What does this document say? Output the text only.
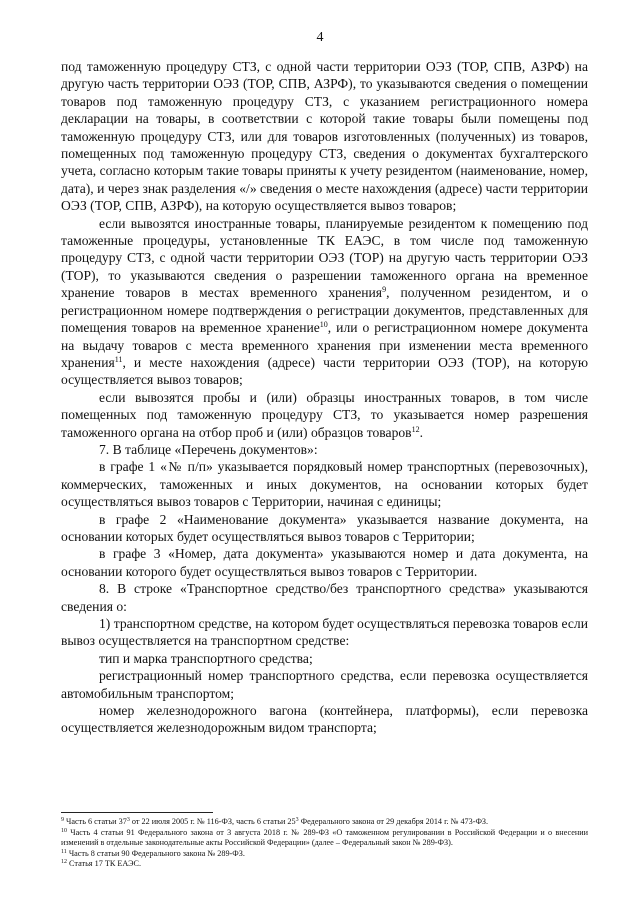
4

под таможенную процедуру СТЗ, с одной части территории ОЭЗ (ТОР, СПВ, АЗРФ) на другую часть территории ОЭЗ (ТОР, СПВ, АЗРФ), то указываются сведения о помещении товаров под таможенную процедуру СТЗ, с указанием регистрационного номера декларации на товары, в соответствии с которой такие товары были помещены под таможенную процедуру СТЗ, или для товаров изготовленных (полученных) из товаров, помещенных под таможенную процедуру СТЗ, сведения о документах бухгалтерского учета, согласно которым такие товары приняты к учету резидентом (наименование, номер, дата), и через знак разделения «/» сведения о месте нахождения (адресе) части территории ОЭЗ (ТОР, СПВ, АЗРФ), на которую осуществляется вывоз товаров;

если вывозятся иностранные товары, планируемые резидентом к помещению под таможенные процедуры, установленные ТК ЕАЭС, в том числе под таможенную процедуру СТЗ, с одной части территории ОЭЗ (ТОР) на другую часть территории ОЭЗ (ТОР), то указываются сведения о разрешении таможенного органа на временное хранение товаров в местах временного хранения$^9$, полученном резидентом, и о регистрационном номере подтверждения о регистрации документов, представленных для помещения товаров на временное хранение$^{10}$, или о регистрационном номере документа на выдачу товаров с места временного хранения при изменении места временного хранения$^{11}$, и месте нахождения (адресе) части территории ОЭЗ (ТОР), на которую осуществляется вывоз товаров;

если вывозятся пробы и (или) образцы иностранных товаров, в том числе помещенных под таможенную процедуру СТЗ, то указывается номер разрешения таможенного органа на отбор проб и (или) образцов товаров$^{12}$.

7. В таблице «Перечень документов»:

в графе 1 «№ п/п» указывается порядковый номер транспортных (перевозочных), коммерческих, таможенных и иных документов, на основании которых будет осуществляться вывоз товаров с Территории, начиная с единицы;

в графе 2 «Наименование документа» указывается название документа, на основании которых будет осуществляться вывоз товаров с Территории;

в графе 3 «Номер, дата документа» указываются номер и дата документа, на основании которого будет осуществляться вывоз товаров с Территории.

8. В строке «Транспортное средство/без транспортного средства» указываются сведения о:

1) транспортном средстве, на котором будет осуществляться перевозка товаров если вывоз осуществляется на транспортном средстве:

тип и марка транспортного средства;

регистрационный номер транспортного средства, если перевозка осуществляется автомобильным транспортом;

номер железнодорожного вагона (контейнера, платформы), если перевозка осуществляется железнодорожным видом транспорта;

$^9$ Часть 6 статьи $37^3$ от 22 июля 2005 г. № 116-ФЗ, часть 6 статьи $25^3$ Федерального закона от 29 декабря 2014 г. № 473-ФЗ.

$^{10}$ Часть 4 статьи 91 Федерального закона от 3 августа 2018 г. № 289-ФЗ «О таможенном регулировании в Российской Федерации и о внесении изменений в отдельные законодательные акты Российской Федерации» (далее – Федеральный закон № 289-ФЗ).

$^{11}$ Часть 8 статьи 90 Федерального закона № 289-ФЗ.

$^{12}$ Статья 17 ТК ЕАЭС.
